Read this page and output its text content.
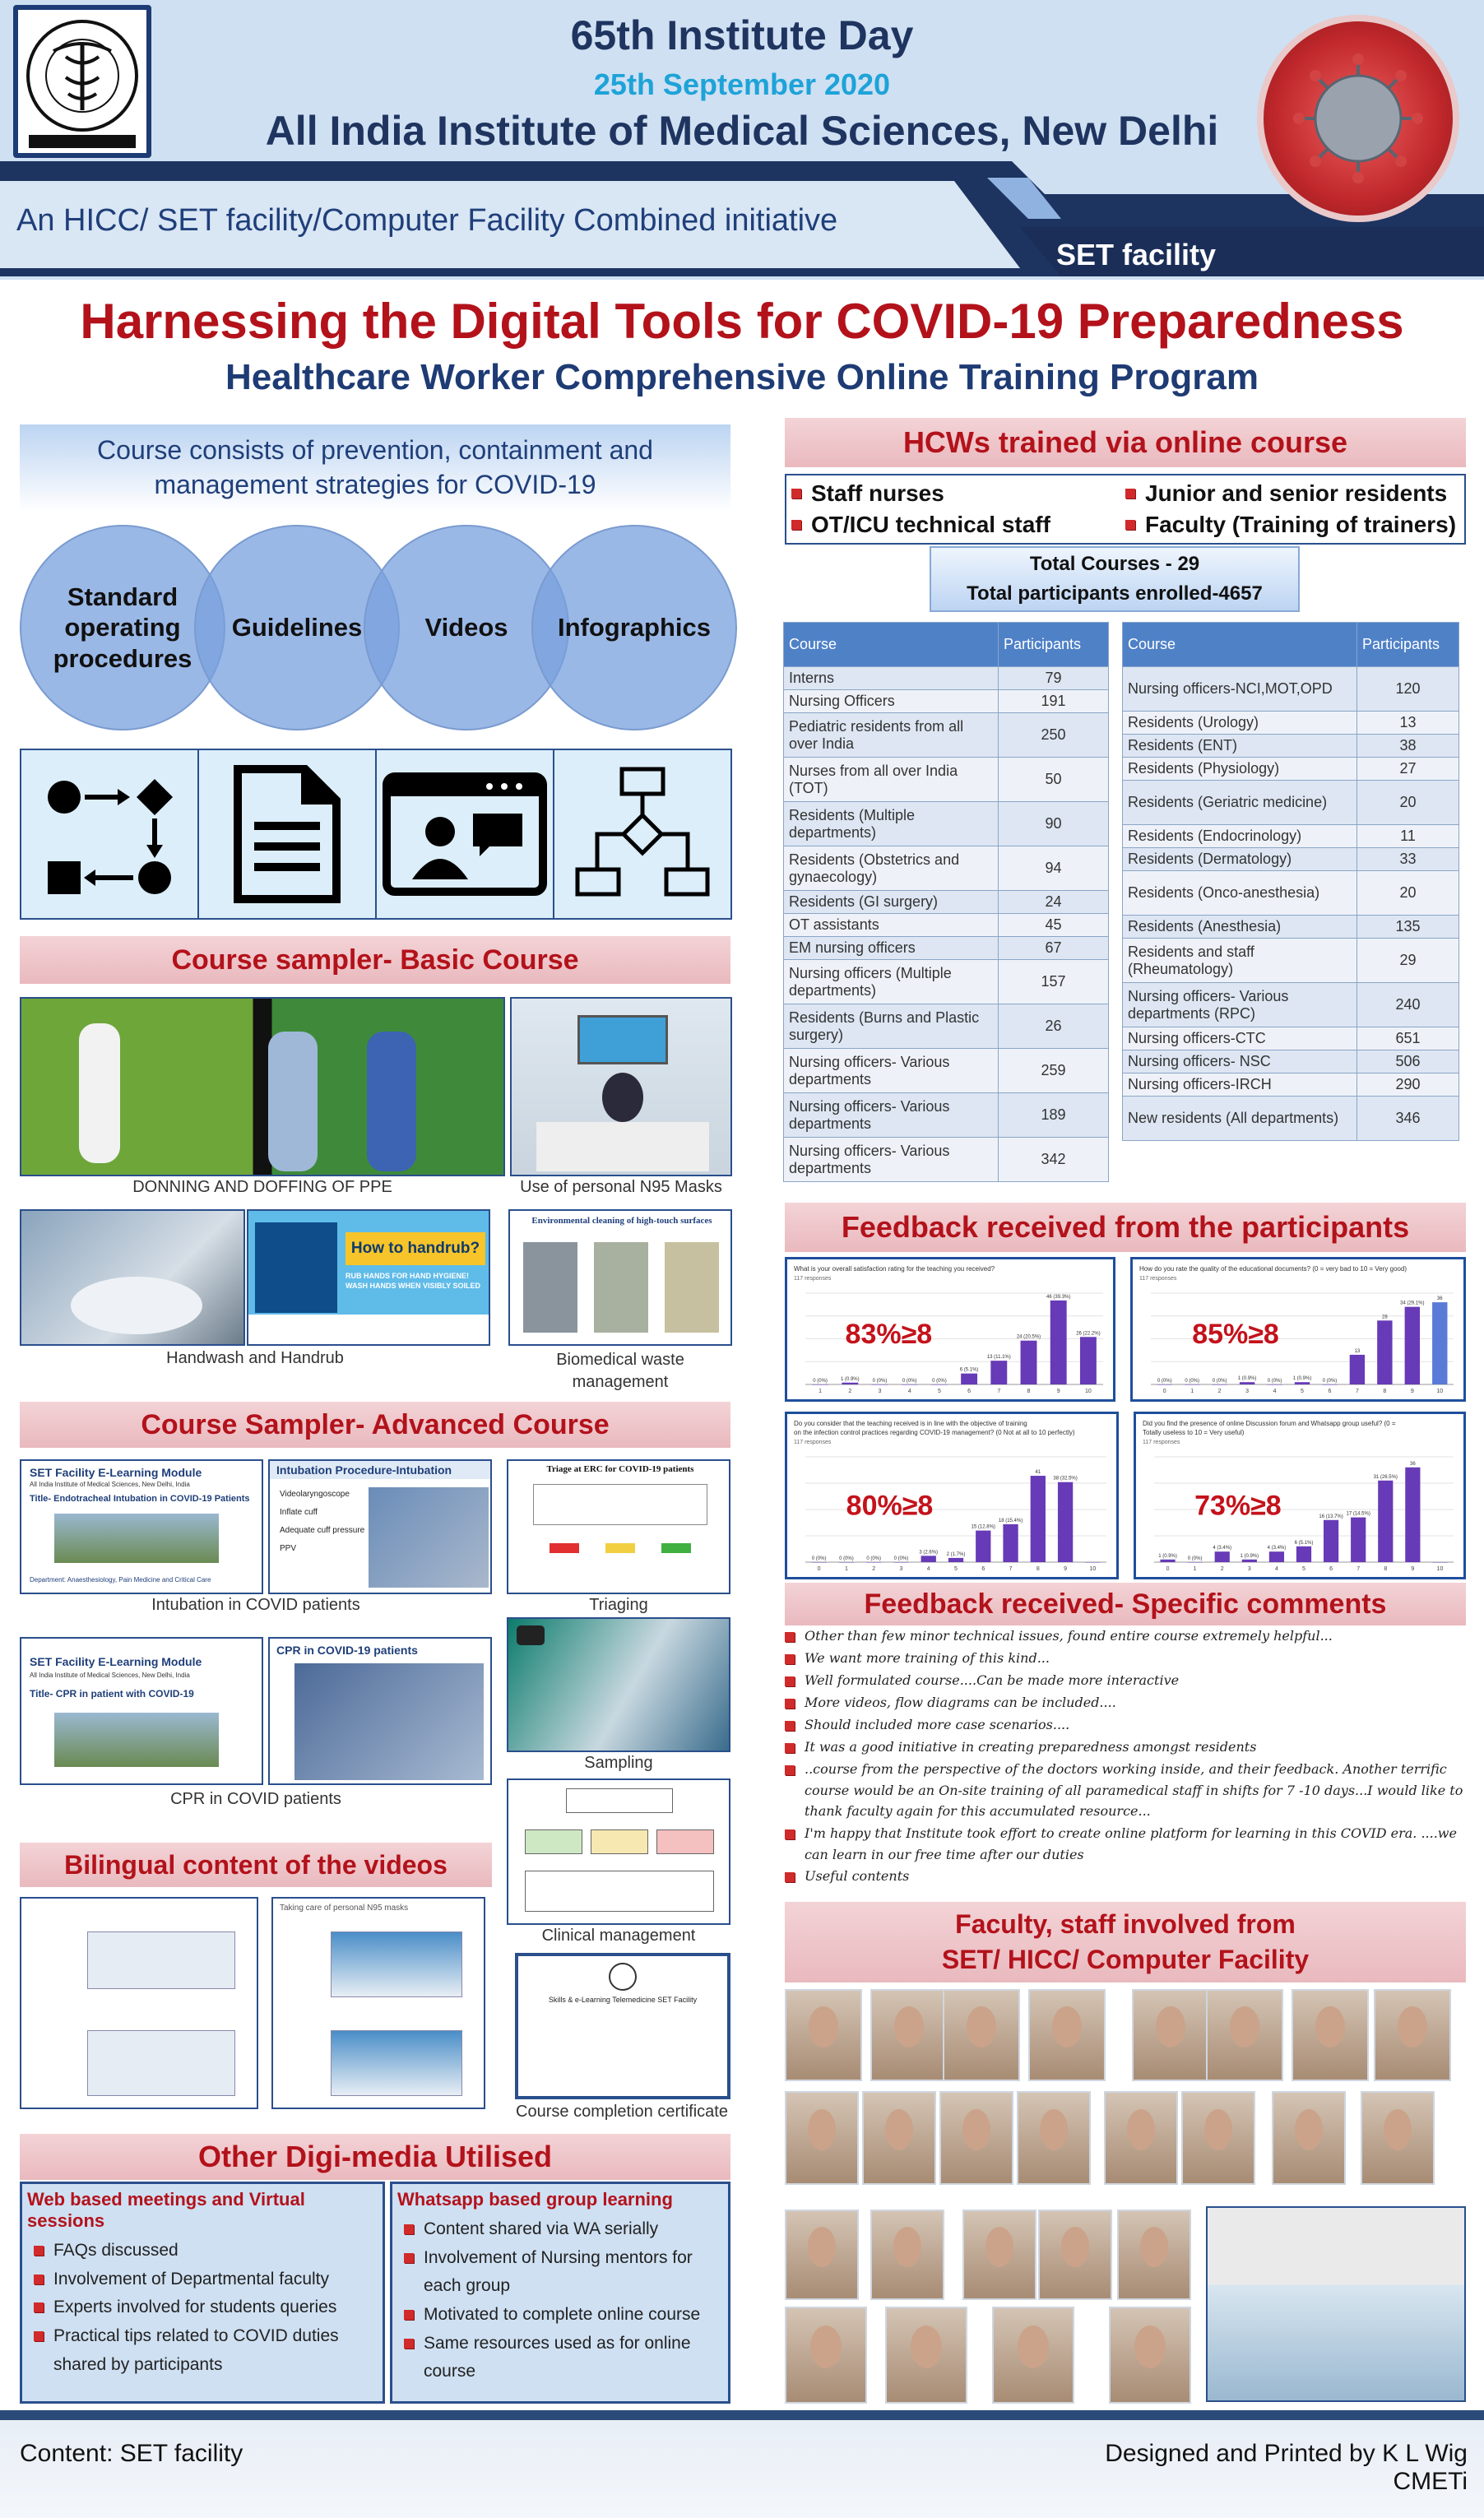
65th Institute Day
25th September 2020
All India Institute of Medical Sciences, New Delhi
An HICC/ SET facility/Computer Facility Combined initiative
SET facility
Harnessing the Digital Tools for COVID-19 Preparedness
Healthcare Worker Comprehensive Online Training Program
Course consists of prevention, containment and management strategies for COVID-19
Standard operating procedures
Guidelines Videos Infographics
Course sampler- Basic Course
DONNING AND DOFFING OF PPE	Use of personal N95 Masks
How to handrub?
RUB HANDS FOR HAND HYGIENE! WASH HANDS WHEN VISIBLY SOILED
Handwash and Handrub
Environmental cleaning of high-touch surfaces
Biomedical waste management
Course Sampler- Advanced Course
SET Facility E-Learning Module
All India Institute of Medical Sciences, New Delhi, India
Title- Endotracheal Intubation in COVID-19 Patients
Department: Anaesthesiology, Pain Medicine and Critical Care
Intubation Procedure-Intubation
Videolaryngoscope
Inflate cuff
Adequate cuff pressure
PPV
Intubation in COVID patients
Triage at ERC for COVID-19 patients
Triaging
SET Facility E-Learning Module
All India Institute of Medical Sciences, New Delhi, India
Title- CPR in patient with COVID-19
CPR in COVID-19 patients
CPR in COVID patients
Sampling
Clinical management
Bilingual content of the videos
Taking care of personal N95 masks
Skills & e-Learning Telemedicine SET Facility
Course completion certificate
Other Digi-media Utilised
Web based meetings and Virtual sessions
FAQs discussed
Involvement of Departmental faculty
Experts involved for students queries
Practical tips related to COVID duties shared by participants
Whatsapp based group learning
Content shared via WA serially
Involvement of Nursing mentors for each group
Motivated to complete online course
Same resources used as for online course
HCWs trained via online course
Staff nurses	Junior and senior residents
OT/ICU technical staff	Faculty (Training of trainers)
Total Courses - 29
Total participants enrolled-4657
Course	Participants
Interns	79
Nursing Officers	191
Pediatric residents from all over India	250
Nurses from all over India (TOT)	50
Residents (Multiple departments)	90
Residents (Obstetrics and gynaecology)	94
Residents (GI surgery)	24
OT assistants	45
EM nursing officers	67
Nursing officers (Multiple departments)	157
Residents (Burns and Plastic surgery)	26
Nursing officers- Various departments	259
Nursing officers- Various departments	189
Nursing officers- Various departments	342
Course	Participants
Nursing officers-NCI,MOT,OPD	120
Residents (Urology)	13
Residents (ENT)	38
Residents (Physiology)	27
Residents (Geriatric medicine)	20
Residents (Endocrinology)	11
Residents (Dermatology)	33
Residents (Onco-anesthesia)	20
Residents (Anesthesia)	135
Residents and staff (Rheumatology)	29
Nursing officers- Various departments (RPC)	240
Nursing officers-CTC	651
Nursing officers- NSC	506
Nursing officers-IRCH	290
New residents (All departments)	346
Feedback received from the participants
What is your overall satisfaction rating for the teaching you received?
117 responses
0 (0%)
1
1 (0.9%)
2
0 (0%)
3
0 (0%)
4
0 (0%)
5
6 (5.1%)
6
13 (11.1%)
7
24 (20.5%)
8
46 (39.3%)
9
26 (22.2%)
10
83%≥8
How do you rate the quality of the educational documents? (0 = very bad to 10 = Very good)
117 responses
0 (0%)
0
0 (0%)
1
0 (0%)
2
1 (0.9%)
3
0 (0%)
4
1 (0.9%)
5
0 (0%)
6
13
7
28
8
34 (29.1%)
9
36
10
85%≥8
Do you consider that the teaching received is in line with the objective of training
on the infection control practices regarding COVID-19 management? (0 Not at all to 10 perfectly)
117 responses
0 (0%)
0
0 (0%)
1
0 (0%)
2
0 (0%)
3
3 (2.6%)
4
2 (1.7%)
5
15 (12.8%)
6
18 (15.4%)
7
41
8
38 (32.5%)
9	10
80%≥8
Did you find the presence of online Discussion forum and Whatsapp group useful? (0 =
Totally useless to 10 = Very useful)
117 responses
1 (0.9%)
0
0 (0%)
1
4 (3.4%)
2
1 (0.9%)
3
4 (3.4%)
4
6 (5.1%)
5
16 (13.7%)
6
17 (14.5%)
7
31 (26.5%)
8
36
9	10
73%≥8
Feedback received- Specific comments
Other than few minor technical issues, found entire course extremely helpful...
We want more training of this kind...
Well formulated course....Can be made more interactive
More videos, flow diagrams can be included....
Should included more case scenarios....
It was a good initiative in creating preparedness amongst residents
..course from the perspective of the doctors working inside, and their feedback. Another terrific course would be an On-site training of all paramedical staff in shifts for 7 -10 days...I would like to thank faculty again for this accumulated resource...
I'm happy that Institute took effort to create online platform for learning in this COVID era. ....we can learn in our free time after our duties
Useful contents
Faculty, staff involved from
SET/ HICC/ Computer Facility
Content: SET facility	Designed and Printed by K L Wig CMETi
